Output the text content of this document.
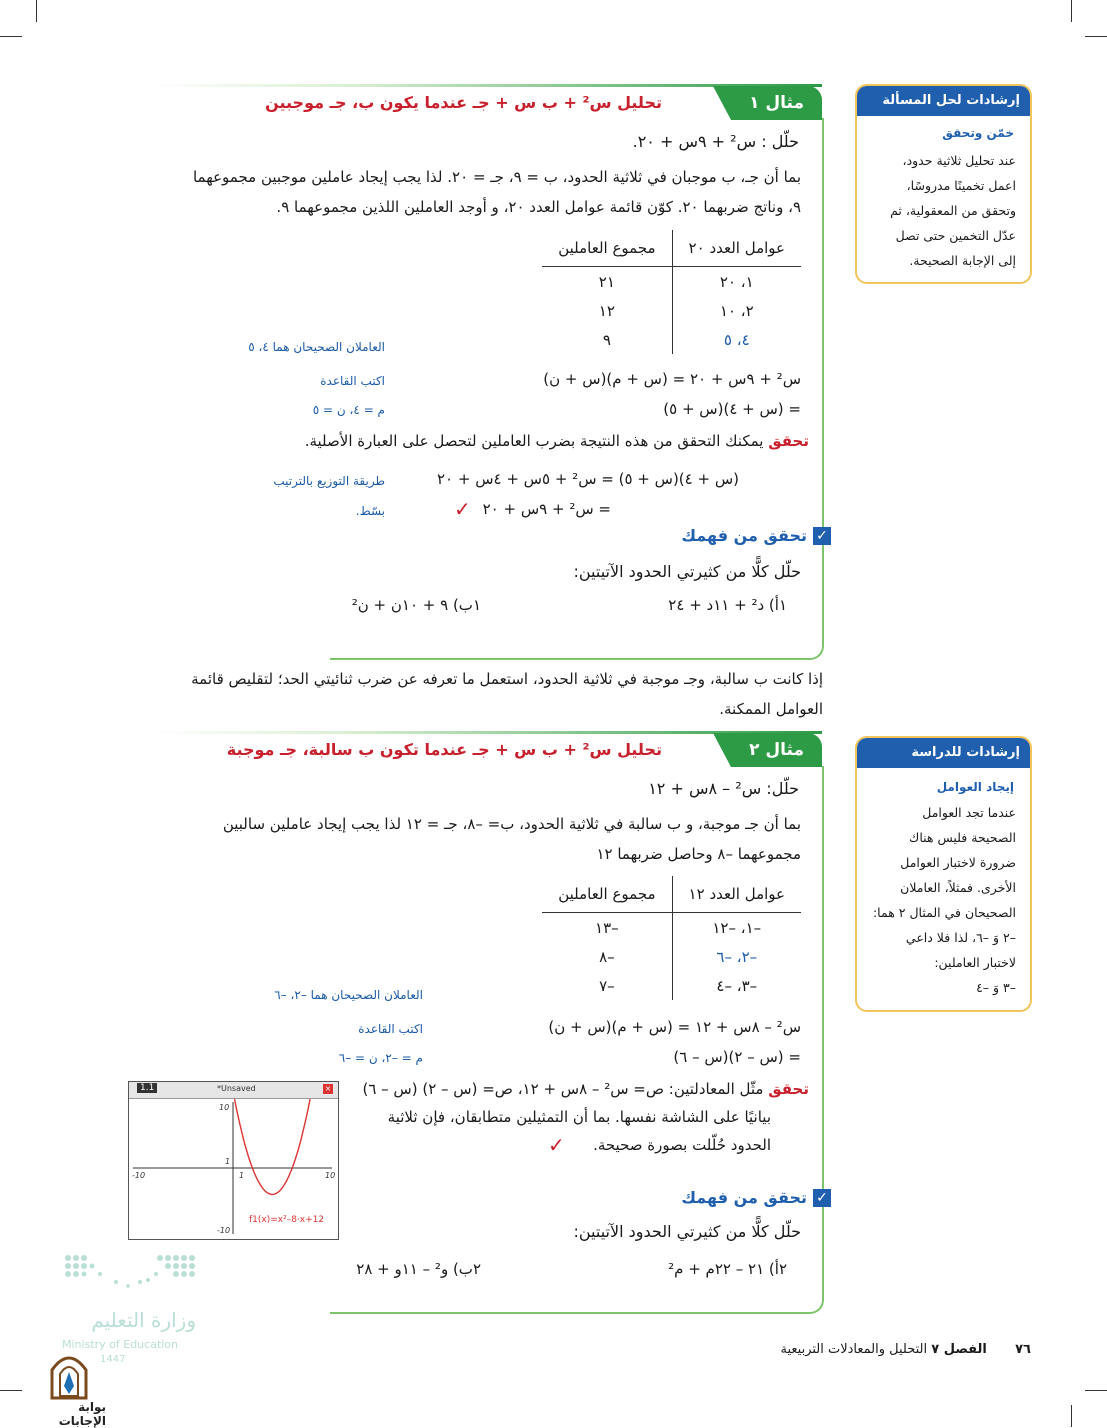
إرشادات لحل المسألة
خمّن وتحقق
عند تحليل ثلاثية حدود،
اعمل تخمينًا مدروسًا،
وتحقق من المعقولية، ثم
عدّل التخمين حتى تصل
إلى الإجابة الصحيحة.
مثال ١
تحليل س² + ب س + جـ عندما يكون ب، جـ موجبين
حلّل : س² + ٩س + ٢٠.
بما أن جـ، ب موجبان في ثلاثية الحدود، ب = ٩، جـ = ٢٠. لذا يجب إيجاد عاملين موجبين مجموعهما
٩، وناتج ضربهما ٢٠. كوّن قائمة عوامل العدد ٢٠، و أوجد العاملين اللذين مجموعهما ٩.
عوامل العدد ٢٠	مجموع العاملين
١، ٢٠	٢١
٢، ١٠	١٢
٤، ٥	٩
العاملان الصحيحان هما ٤، ٥
س² + ٩س + ٢٠ = (س + م)(س + ن)
اكتب القاعدة
= (س + ٤)(س + ٥)
م = ٤، ن = ٥
تحقق يمكنك التحقق من هذه النتيجة بضرب العاملين لتحصل على العبارة الأصلية.
(س + ٤)(س + ٥) = س² + ٥س + ٤س + ٢٠
طريقة التوزيع بالترتيب
= س² + ٩س + ٢٠
✓
بسّط.
✓
تحقق من فهمك
حلّل كلًّا من كثيرتي الحدود الآتيتين:
١أ) د² + ١١د + ٢٤
١ب) ٩ + ١٠ن + ن²
إذا كانت ب سالبة، وجـ موجبة في ثلاثية الحدود، استعمل ما تعرفه عن ضرب ثنائيتي الحد؛ لتقليص قائمة
العوامل الممكنة.
إرشادات للدراسة
إيجاد العوامل
عندما تجد العوامل
الصحيحة فليس هناك
ضرورة لاختبار العوامل
الأخرى. فمثلاً، العاملان
الصحيحان في المثال ٢ هما:
–٢ وَ –٦، لذا فلا داعي
لاختبار العاملين:
–٣ وَ –٤
مثال ٢
تحليل س² + ب س + جـ عندما تكون ب سالبة، جـ موجبة
حلّل: س² – ٨س + ١٢
بما أن جـ موجبة، و ب سالبة في ثلاثية الحدود، ب= –٨، جـ = ١٢ لذا يجب إيجاد عاملين سالبين
مجموعهما –٨ وحاصل ضربهما ١٢
عوامل العدد ١٢	مجموع العاملين
–١، –١٢	–١٣
–٢، –٦	–٨
–٣، –٤	–٧
العاملان الصحيحان هما –٢، –٦
س² – ٨س + ١٢ = (س + م)(س + ن)
اكتب القاعدة
= (س – ٢)(س – ٦)
م = –٢، ن = –٦
تحقق مثّل المعادلتين: ص= س² – ٨س + ١٢، ص= (س – ٢) (س – ٦)
بيانيًا على الشاشة نفسها. بما أن التمثيلين متطابقان، فإن ثلاثية
الحدود حُلّلت بصورة صحيحة.
✓
1.1	*Unsaved	×
10
-10
-10	10
1
1
f1(x)=x²–8·x+12
✓
تحقق من فهمك
حلّل كلًّا من كثيرتي الحدود الآتيتين:
٢أ) ٢١ – ٢٢م + م²
٢ب) و² – ١١و + ٢٨
٧٦  الفصل ٧ التحليل والمعادلات التربيعية
وزارة التعليم
Ministry of Education
1447
بوابة الإجابات
